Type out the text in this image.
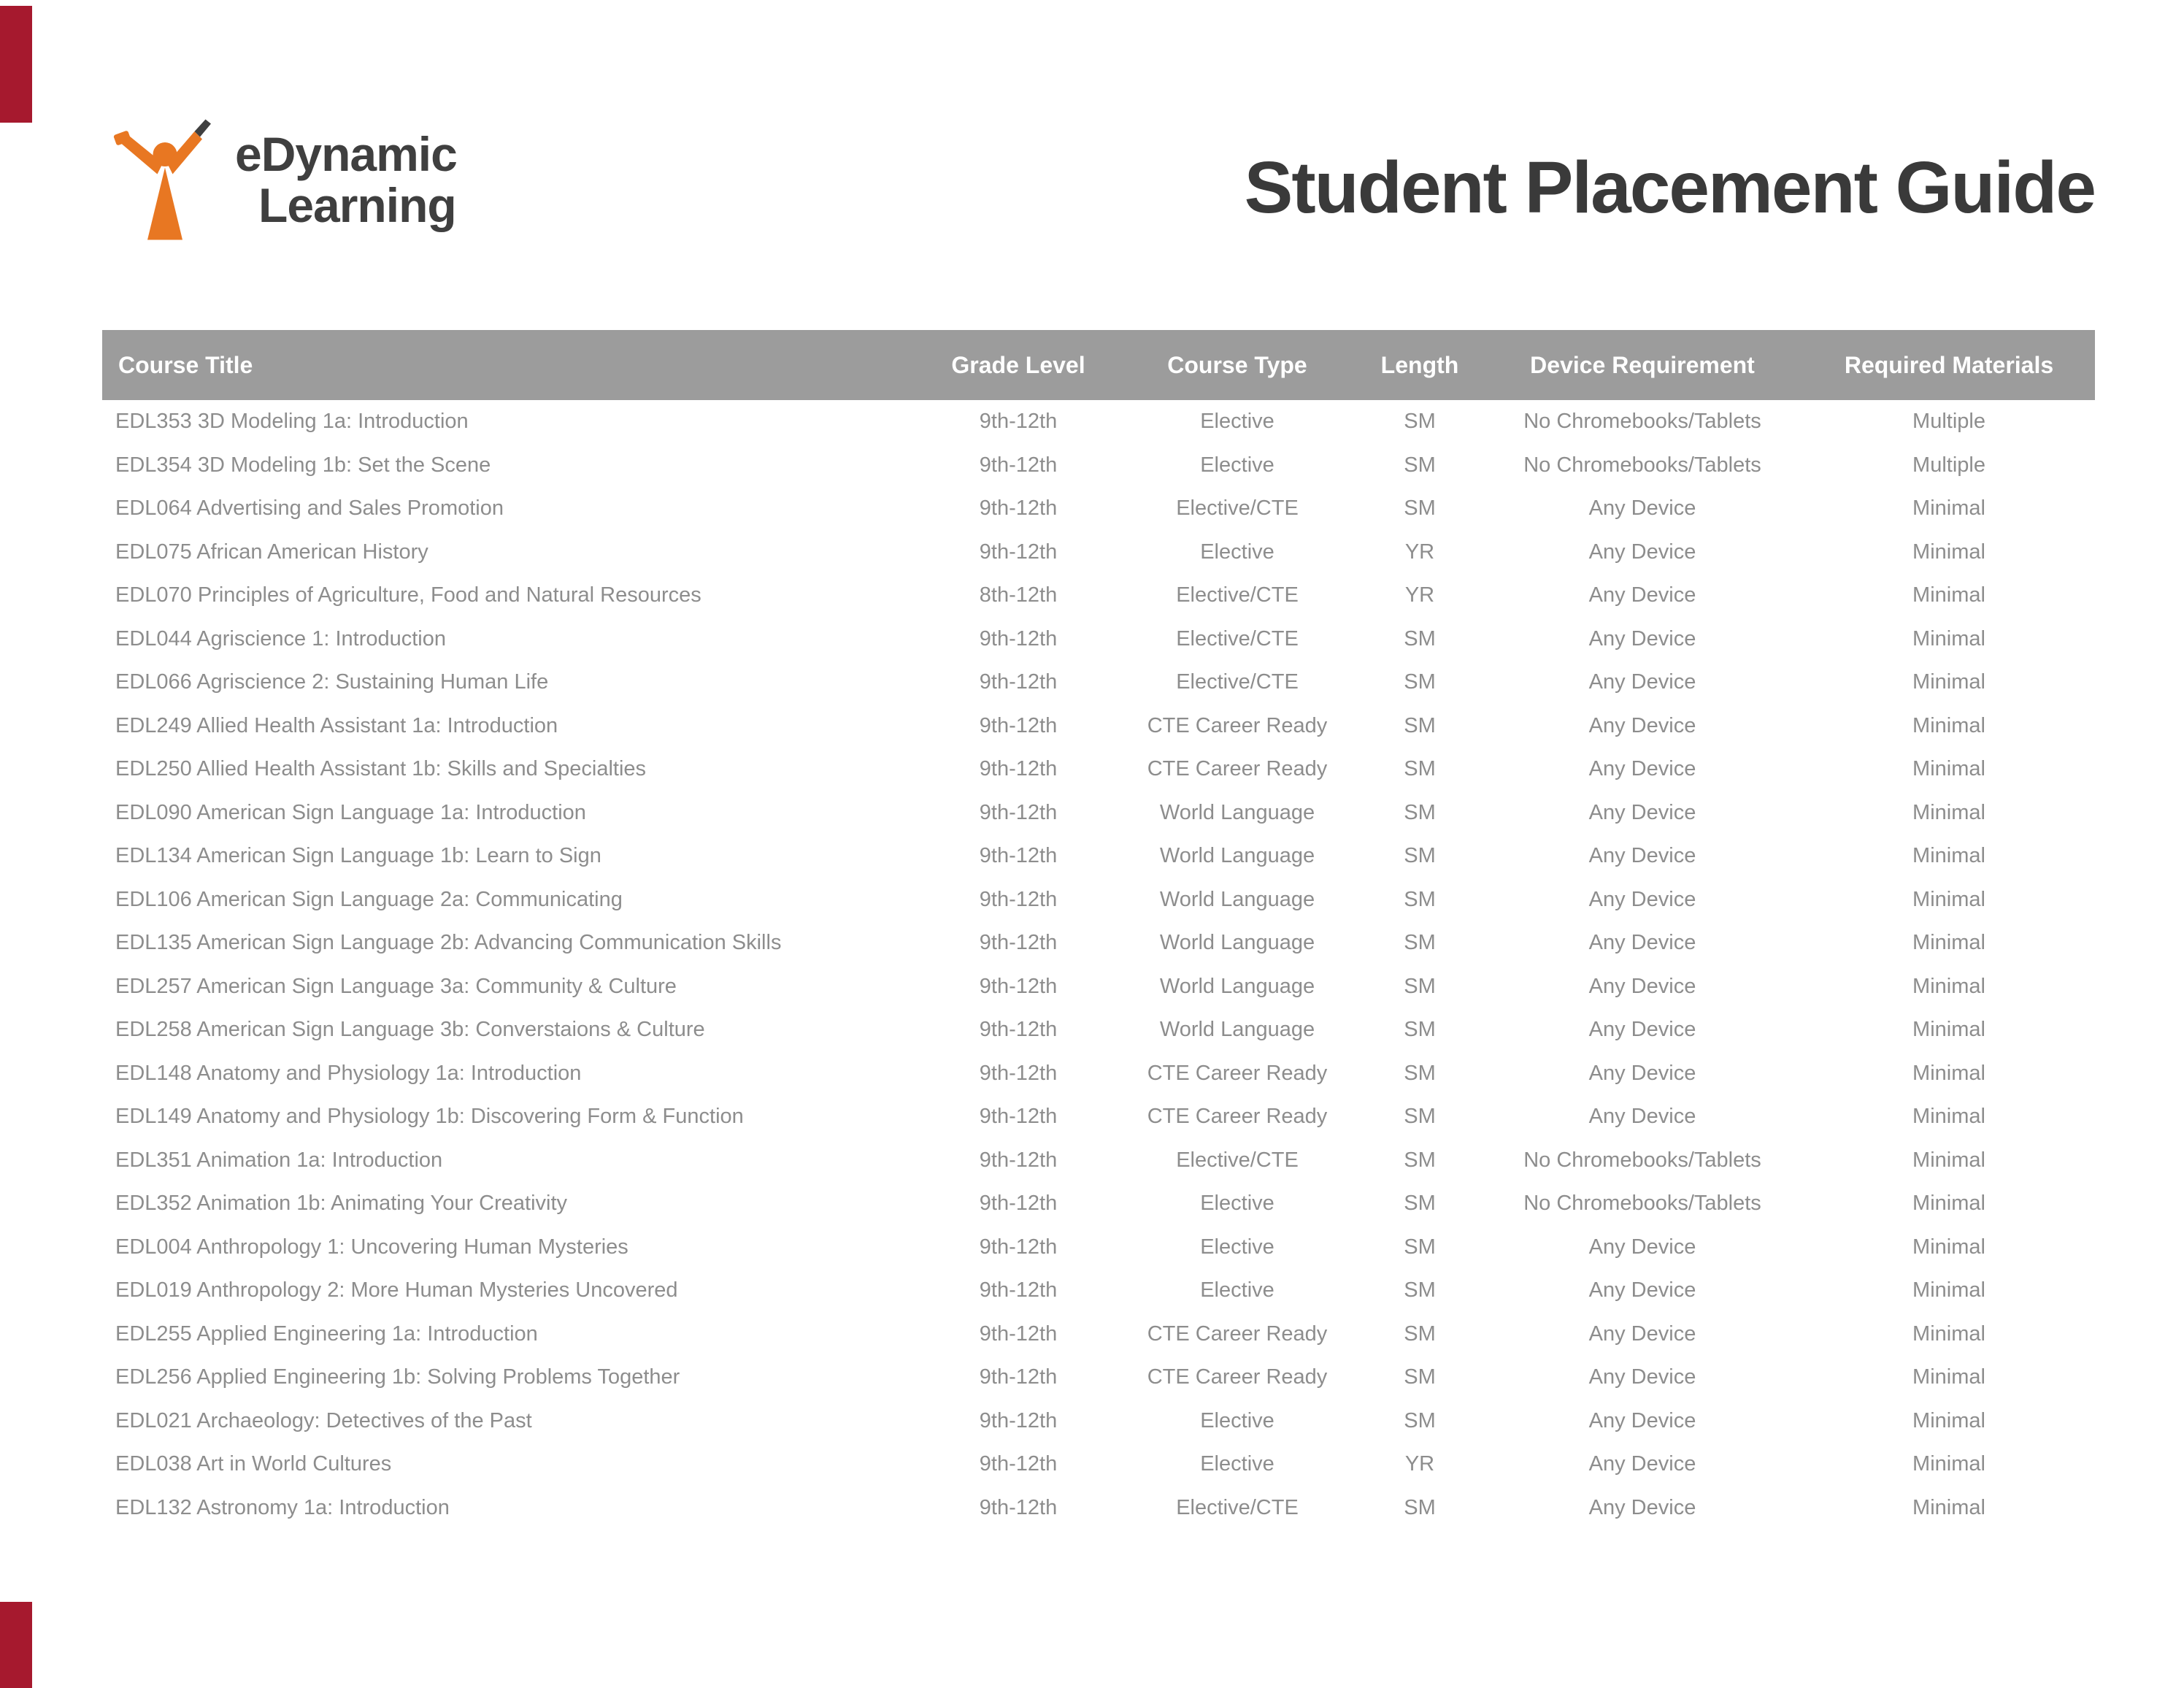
eDynamic
Learning	Student Placement Guide
Course Title	Grade Level	Course Type	Length	Device Requirement	Required Materials
EDL353 3D Modeling 1a: Introduction	9th-12th	Elective	SM	No Chromebooks/Tablets	Multiple
EDL354 3D Modeling 1b: Set the Scene	9th-12th	Elective	SM	No Chromebooks/Tablets	Multiple
EDL064 Advertising and Sales Promotion	9th-12th	Elective/CTE	SM	Any Device	Minimal
EDL075 African American History	9th-12th	Elective	YR	Any Device	Minimal
EDL070 Principles of Agriculture, Food and Natural Resources	8th-12th	Elective/CTE	YR	Any Device	Minimal
EDL044 Agriscience 1: Introduction	9th-12th	Elective/CTE	SM	Any Device	Minimal
EDL066 Agriscience 2: Sustaining Human Life	9th-12th	Elective/CTE	SM	Any Device	Minimal
EDL249 Allied Health Assistant 1a: Introduction	9th-12th	CTE Career Ready	SM	Any Device	Minimal
EDL250 Allied Health Assistant 1b: Skills and Specialties	9th-12th	CTE Career Ready	SM	Any Device	Minimal
EDL090 American Sign Language 1a: Introduction	9th-12th	World Language	SM	Any Device	Minimal
EDL134 American Sign Language 1b: Learn to Sign	9th-12th	World Language	SM	Any Device	Minimal
EDL106 American Sign Language 2a: Communicating	9th-12th	World Language	SM	Any Device	Minimal
EDL135 American Sign Language 2b: Advancing Communication Skills	9th-12th	World Language	SM	Any Device	Minimal
EDL257 American Sign Language 3a: Community & Culture	9th-12th	World Language	SM	Any Device	Minimal
EDL258 American Sign Language 3b: Converstaions & Culture	9th-12th	World Language	SM	Any Device	Minimal
EDL148 Anatomy and Physiology 1a: Introduction	9th-12th	CTE Career Ready	SM	Any Device	Minimal
EDL149 Anatomy and Physiology 1b: Discovering Form & Function	9th-12th	CTE Career Ready	SM	Any Device	Minimal
EDL351 Animation 1a: Introduction	9th-12th	Elective/CTE	SM	No Chromebooks/Tablets	Minimal
EDL352 Animation 1b: Animating Your Creativity	9th-12th	Elective	SM	No Chromebooks/Tablets	Minimal
EDL004 Anthropology 1: Uncovering Human Mysteries	9th-12th	Elective	SM	Any Device	Minimal
EDL019 Anthropology 2: More Human Mysteries Uncovered	9th-12th	Elective	SM	Any Device	Minimal
EDL255 Applied Engineering 1a: Introduction	9th-12th	CTE Career Ready	SM	Any Device	Minimal
EDL256 Applied Engineering 1b: Solving Problems Together	9th-12th	CTE Career Ready	SM	Any Device	Minimal
EDL021 Archaeology: Detectives of the Past	9th-12th	Elective	SM	Any Device	Minimal
EDL038 Art in World Cultures	9th-12th	Elective	YR	Any Device	Minimal
EDL132 Astronomy 1a: Introduction	9th-12th	Elective/CTE	SM	Any Device	Minimal
